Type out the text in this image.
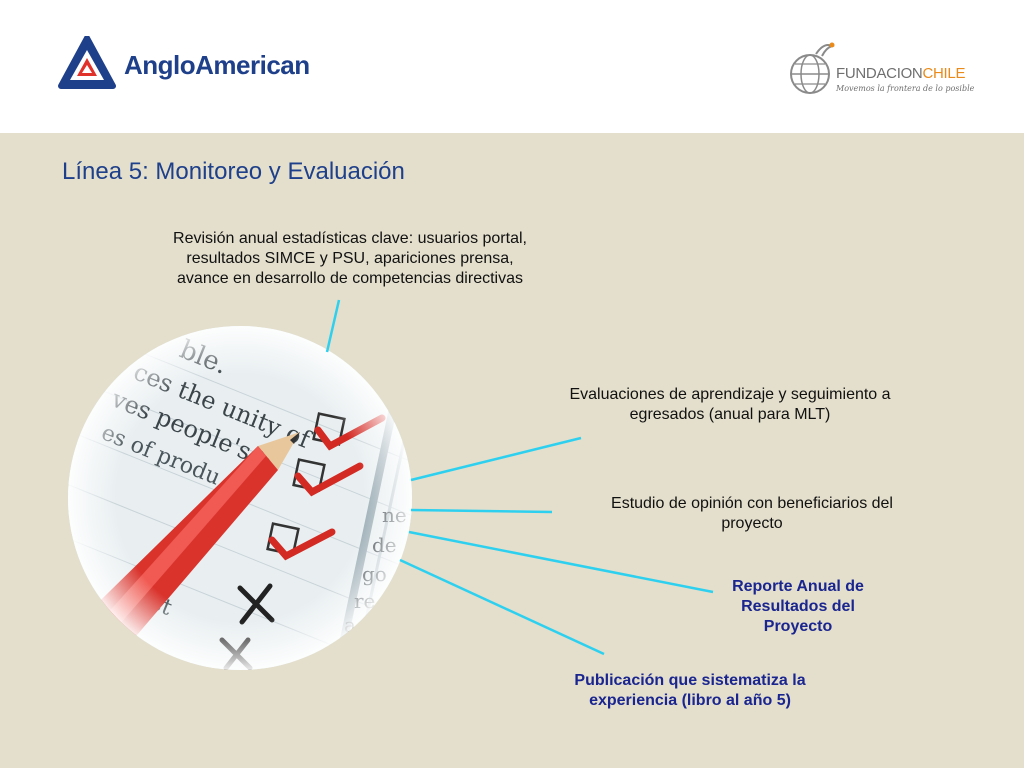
AngloAmerican	FUNDACIONCHILE
Movemos la frontera de lo posible
Línea 5: Monitoreo y Evaluación
Revisión anual estadísticas clave: usuarios portal,
resultados SIMCE y PSU, apariciones prensa,
avance en desarrollo de competencias directivas
Evaluaciones de aprendizaje y seguimiento a
egresados (anual para MLT)
Estudio de opinión con beneficiarios del
proyecto
Reporte Anual de
Resultados del
Proyecto
Publicación que sistematiza la
experiencia (libro al año 5)
